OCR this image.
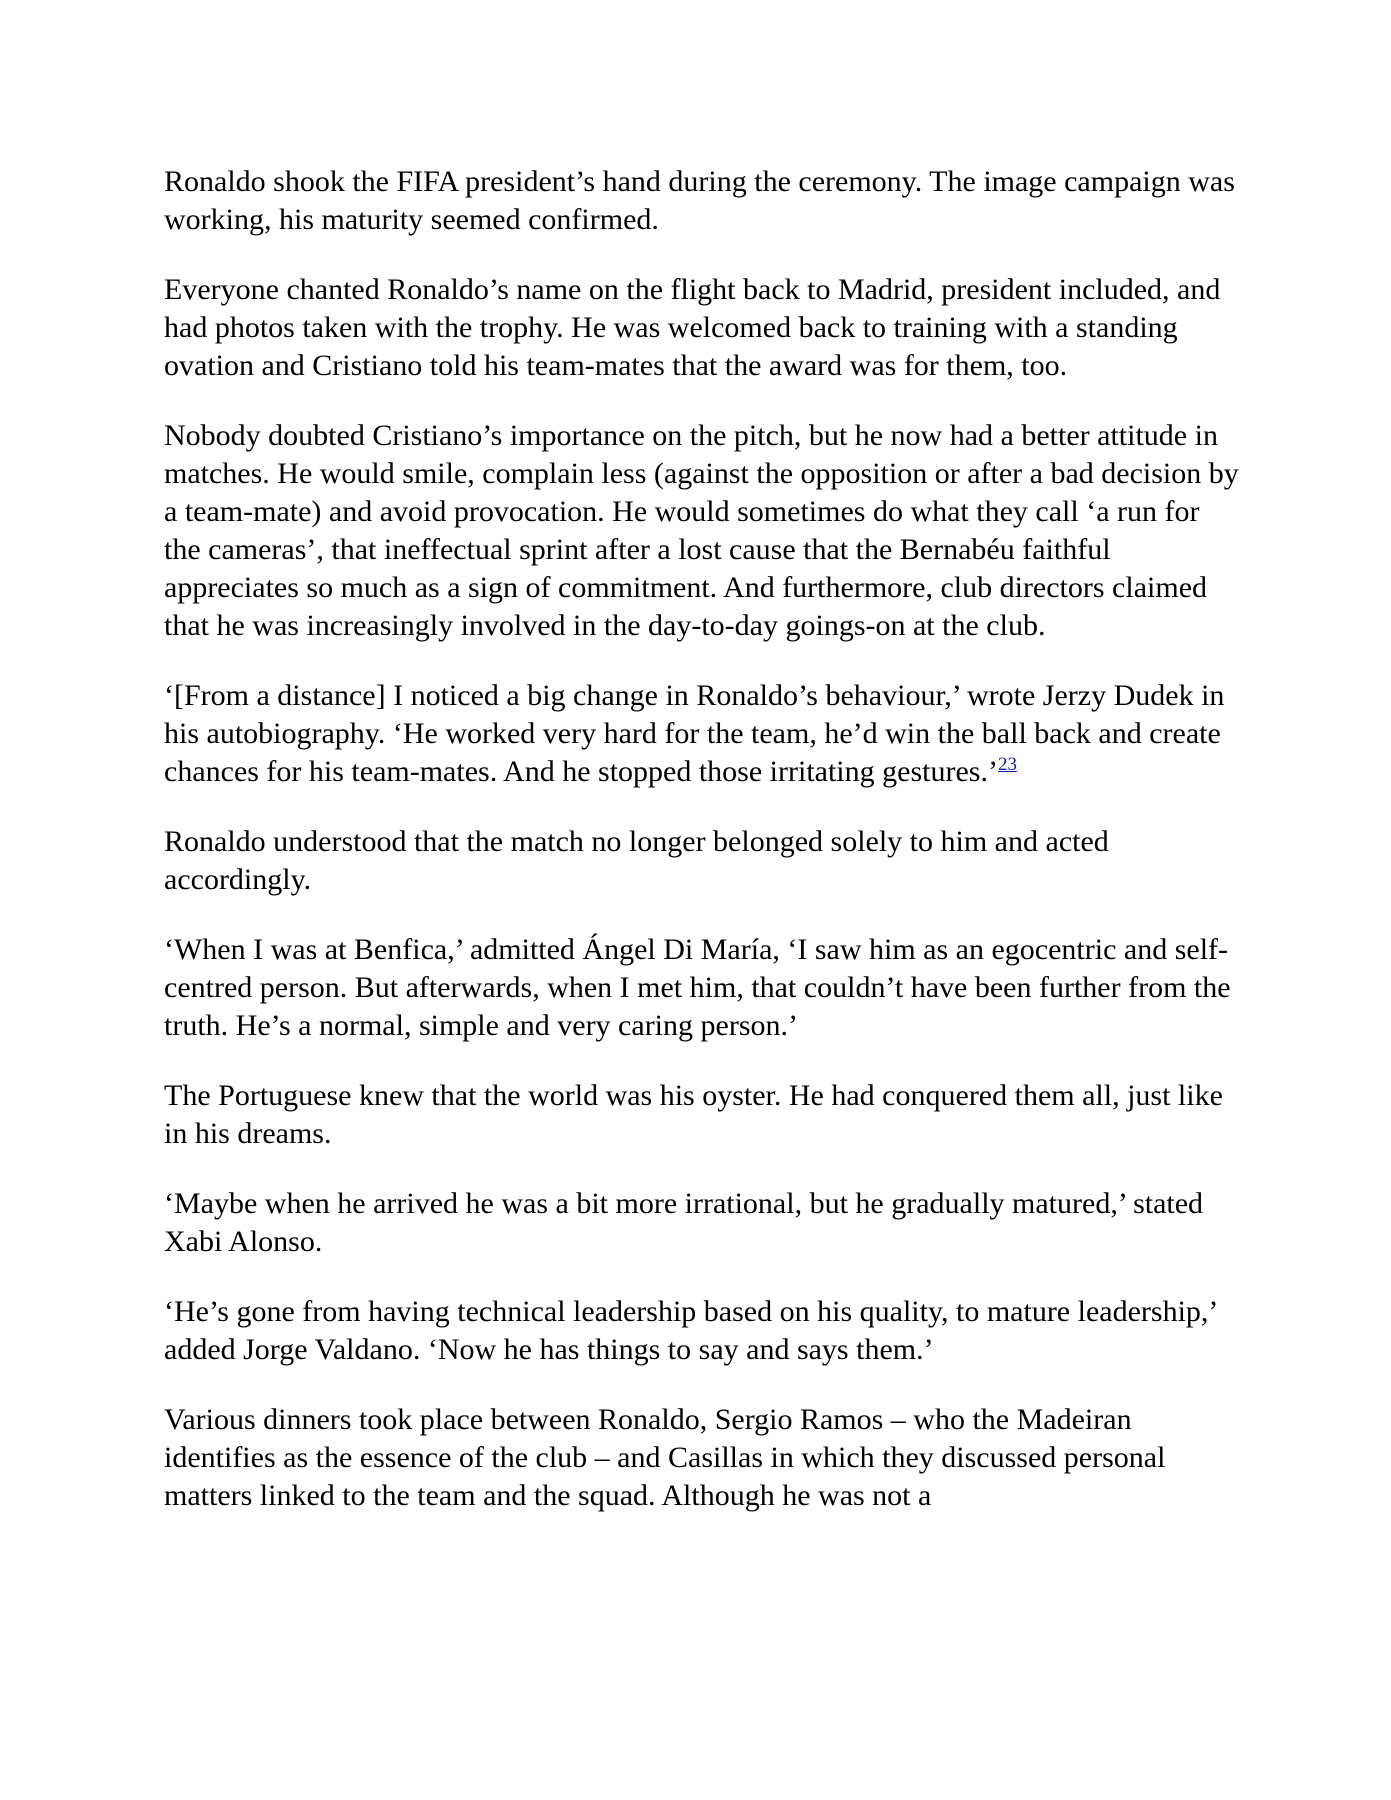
Ronaldo shook the FIFA president’s hand during the ceremony. The image campaign was working, his maturity seemed confirmed.

Everyone chanted Ronaldo’s name on the flight back to Madrid, president included, and had photos taken with the trophy. He was welcomed back to training with a standing ovation and Cristiano told his team-mates that the award was for them, too.

Nobody doubted Cristiano’s importance on the pitch, but he now had a better attitude in matches. He would smile, complain less (against the opposition or after a bad decision by a team-mate) and avoid provocation. He would sometimes do what they call ‘a run for the cameras’, that ineffectual sprint after a lost cause that the Bernabéu faithful appreciates so much as a sign of commitment. And furthermore, club directors claimed that he was increasingly involved in the day-to-day goings-on at the club.

‘[From a distance] I noticed a big change in Ronaldo’s behaviour,’ wrote Jerzy Dudek in his autobiography. ‘He worked very hard for the team, he’d win the ball back and create chances for his team-mates. And he stopped those irritating gestures.’$^{23}$

Ronaldo understood that the match no longer belonged solely to him and acted accordingly.

‘When I was at Benfica,’ admitted Ángel Di María, ‘I saw him as an egocentric and self-centred person. But afterwards, when I met him, that couldn’t have been further from the truth. He’s a normal, simple and very caring person.’

The Portuguese knew that the world was his oyster. He had conquered them all, just like in his dreams.

‘Maybe when he arrived he was a bit more irrational, but he gradually matured,’ stated Xabi Alonso.

‘He’s gone from having technical leadership based on his quality, to mature leadership,’ added Jorge Valdano. ‘Now he has things to say and says them.’

Various dinners took place between Ronaldo, Sergio Ramos – who the Madeiran identifies as the essence of the club – and Casillas in which they discussed personal matters linked to the team and the squad. Although he was not a
